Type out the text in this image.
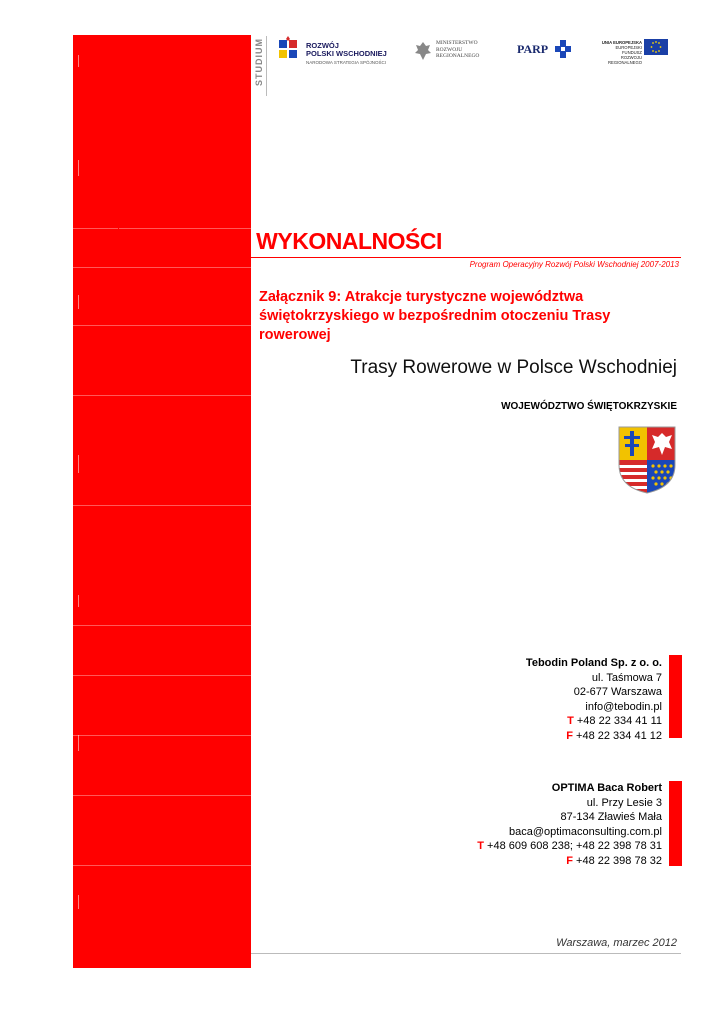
STUDIUM	ROZWÓJ
POLSKI WSCHODNIEJ
NARODOWA STRATEGIA SPÓJNOŚCI
MINISTERSTWO
ROZWOJU
REGIONALNEGO	PARP	UNIA EUROPEJSKA
EUROPEJSKI FUNDUSZ
ROZWOJU REGIONALNEGO
STUDIUM WYKONALNOŚCI
Program Operacyjny Rozwój Polski Wschodniej 2007-2013
Załącznik 9: Atrakcje turystyczne województwa świętokrzyskiego w bezpośrednim otoczeniu Trasy rowerowej
Trasy Rowerowe w Polsce Wschodniej
WOJEWÓDZTWO ŚWIĘTOKRZYSKIE
Tebodin Poland Sp. z o. o.
ul. Taśmowa 7
02-677 Warszawa
info@tebodin.pl
T +48 22 334 41 11
F +48 22 334 41 12
OPTIMA Baca Robert
ul. Przy Lesie 3
87-134 Zławieś Mała
baca@optimaconsulting.com.pl
T +48 609 608 238; +48 22 398 78 31
F +48 22 398 78 32
Warszawa, marzec 2012
